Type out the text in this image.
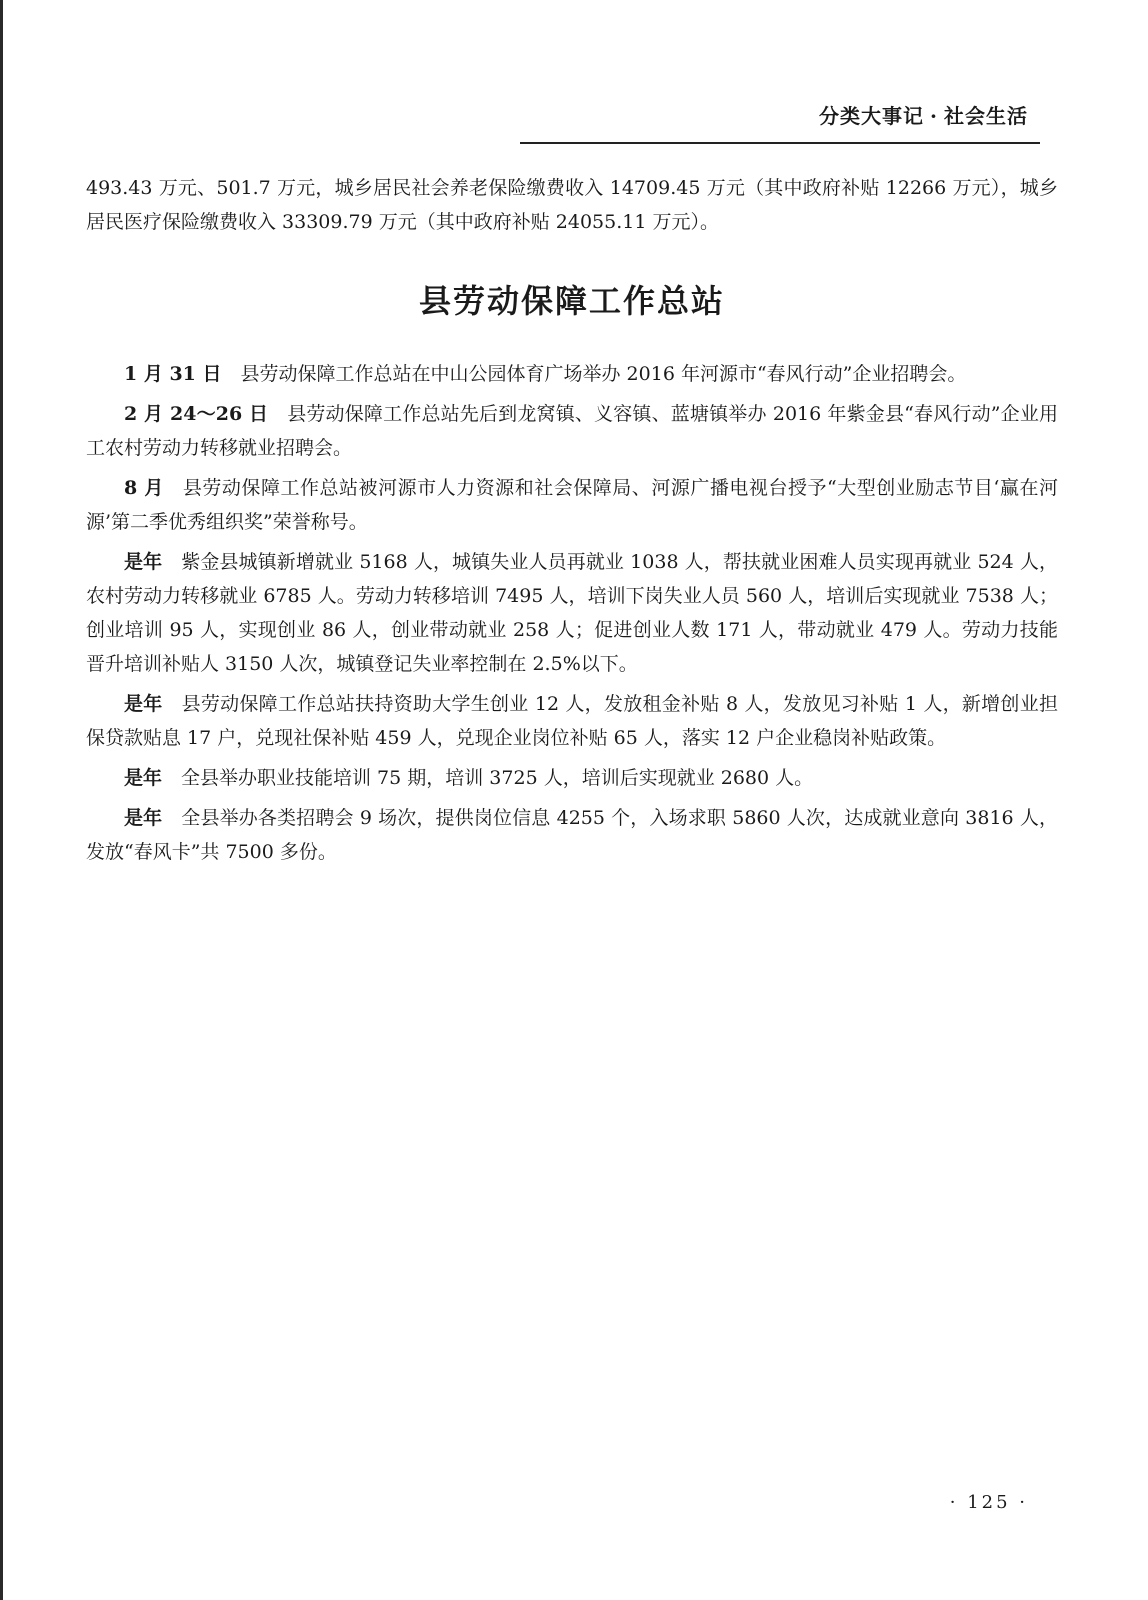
分类大事记 · 社会生活

493.43 万元、501.7 万元，城乡居民社会养老保险缴费收入 14709.45 万元（其中政府补贴 12266 万元），城乡居民医疗保险缴费收入 33309.79 万元（其中政府补贴 24055.11 万元）。

县劳动保障工作总站

1 月 31 日 县劳动保障工作总站在中山公园体育广场举办 2016 年河源市“春风行动”企业招聘会。

2 月 24～26 日 县劳动保障工作总站先后到龙窝镇、义容镇、蓝塘镇举办 2016 年紫金县“春风行动”企业用工农村劳动力转移就业招聘会。

8 月 县劳动保障工作总站被河源市人力资源和社会保障局、河源广播电视台授予“大型创业励志节目‘赢在河源’第二季优秀组织奖”荣誉称号。

是年 紫金县城镇新增就业 5168 人，城镇失业人员再就业 1038 人，帮扶就业困难人员实现再就业 524 人，农村劳动力转移就业 6785 人。劳动力转移培训 7495 人，培训下岗失业人员 560 人，培训后实现就业 7538 人；创业培训 95 人，实现创业 86 人，创业带动就业 258 人；促进创业人数 171 人，带动就业 479 人。劳动力技能晋升培训补贴人 3150 人次，城镇登记失业率控制在 2.5%以下。

是年 县劳动保障工作总站扶持资助大学生创业 12 人，发放租金补贴 8 人，发放见习补贴 1 人，新增创业担保贷款贴息 17 户，兑现社保补贴 459 人，兑现企业岗位补贴 65 人，落实 12 户企业稳岗补贴政策。

是年 全县举办职业技能培训 75 期，培训 3725 人，培训后实现就业 2680 人。

是年 全县举办各类招聘会 9 场次，提供岗位信息 4255 个，入场求职 5860 人次，达成就业意向 3816 人，发放“春风卡”共 7500 多份。

· 125 ·
